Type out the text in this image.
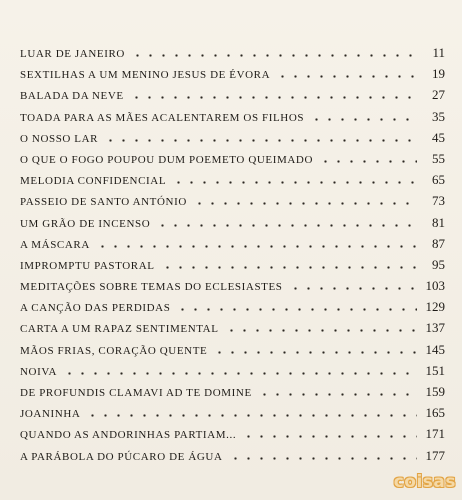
LUAR DE JANEIRO	11
SEXTILHAS A UM MENINO JESUS DE ÉVORA	19
BALADA DA NEVE	27
TOADA PARA AS MÃES ACALENTAREM OS FILHOS	35
O NOSSO LAR	45
O QUE O FOGO POUPOU DUM POEMETO QUEIMADO	55
MELODIA CONFIDENCIAL	65
PASSEIO DE SANTO ANTÓNIO	73
UM GRÃO DE INCENSO	81
A MÁSCARA	87
IMPROMPTU PASTORAL	95
MEDITAÇÕES SOBRE TEMAS DO ECLESIASTES	103
A CANÇÃO DAS PERDIDAS	129
CARTA A UM RAPAZ SENTIMENTAL	137
MÃOS FRIAS, CORAÇÃO QUENTE	145
NOIVA	151
DE PROFUNDIS CLAMAVI AD TE DOMINE	159
JOANINHA	165
QUANDO AS ANDORINHAS PARTIAM...	171
A PARÁBOLA DO PÚCARO DE ÁGUA	177
coisas
